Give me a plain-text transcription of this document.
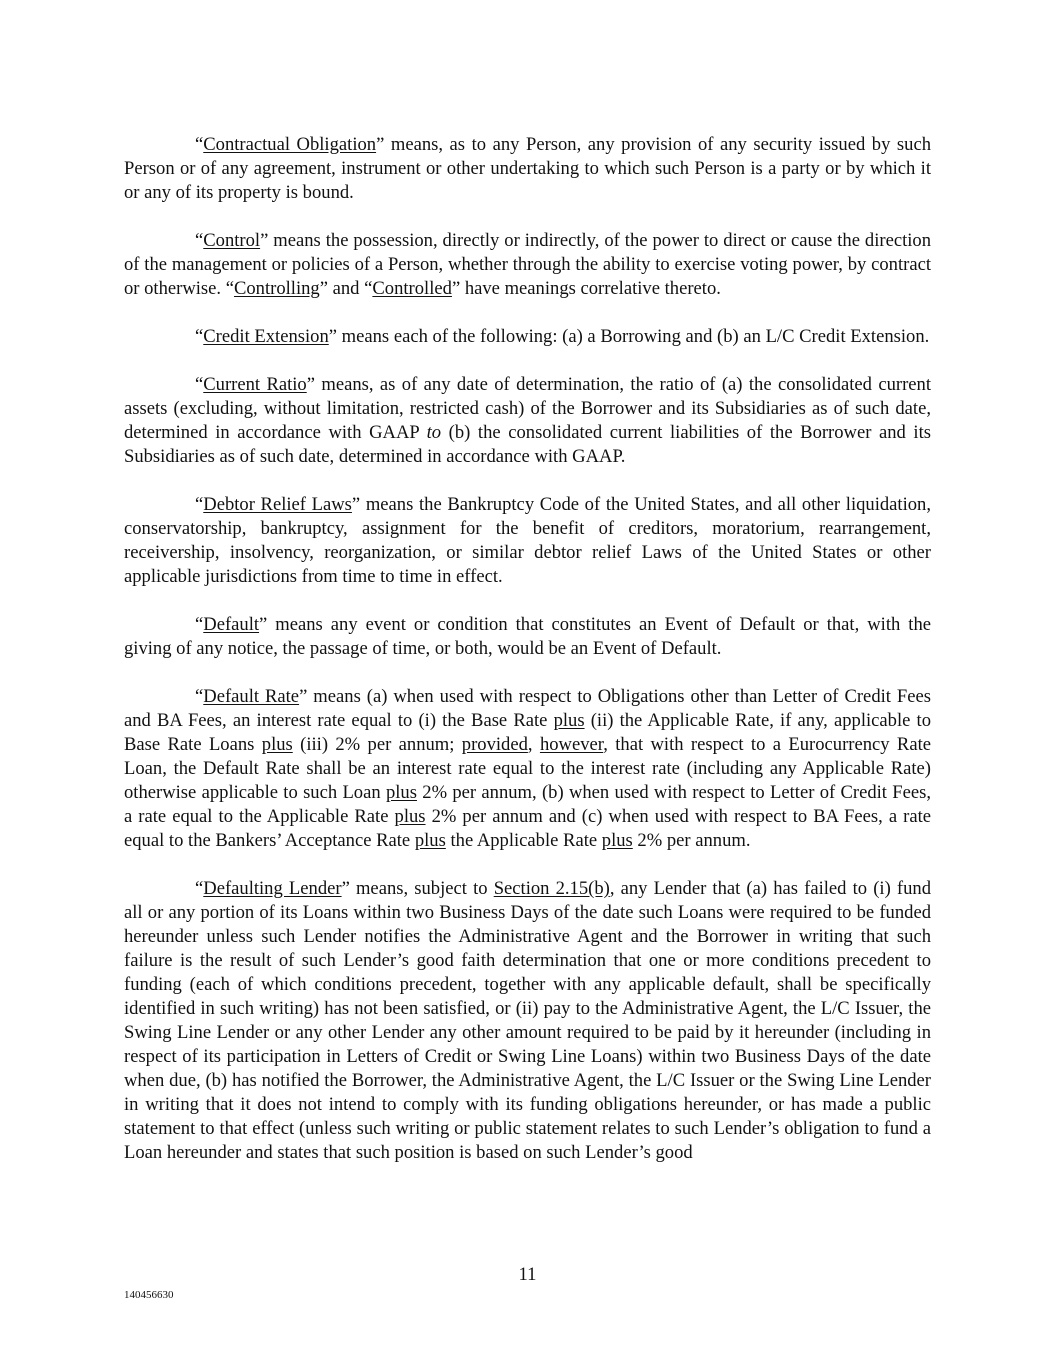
“Contractual Obligation” means, as to any Person, any provision of any security issued by such Person or of any agreement, instrument or other undertaking to which such Person is a party or by which it or any of its property is bound.

“Control” means the possession, directly or indirectly, of the power to direct or cause the direction of the management or policies of a Person, whether through the ability to exercise voting power, by contract or otherwise. “Controlling” and “Controlled” have meanings correlative thereto.

“Credit Extension” means each of the following: (a) a Borrowing and (b) an L/C Credit Extension.

“Current Ratio” means, as of any date of determination, the ratio of (a) the consolidated current assets (excluding, without limitation, restricted cash) of the Borrower and its Subsidiaries as of such date, determined in accordance with GAAP to (b) the consolidated current liabilities of the Borrower and its Subsidiaries as of such date, determined in accordance with GAAP.

“Debtor Relief Laws” means the Bankruptcy Code of the United States, and all other liquidation, conservatorship, bankruptcy, assignment for the benefit of creditors, moratorium, rearrangement, receivership, insolvency, reorganization, or similar debtor relief Laws of the United States or other applicable jurisdictions from time to time in effect.

“Default” means any event or condition that constitutes an Event of Default or that, with the giving of any notice, the passage of time, or both, would be an Event of Default.

“Default Rate” means (a) when used with respect to Obligations other than Letter of Credit Fees and BA Fees, an interest rate equal to (i) the Base Rate plus (ii) the Applicable Rate, if any, applicable to Base Rate Loans plus (iii) 2% per annum; provided, however, that with respect to a Eurocurrency Rate Loan, the Default Rate shall be an interest rate equal to the interest rate (including any Applicable Rate) otherwise applicable to such Loan plus 2% per annum, (b) when used with respect to Letter of Credit Fees, a rate equal to the Applicable Rate plus 2% per annum and (c) when used with respect to BA Fees, a rate equal to the Bankers’ Acceptance Rate plus the Applicable Rate plus 2% per annum.

“Defaulting Lender” means, subject to Section 2.15(b), any Lender that (a) has failed to (i) fund all or any portion of its Loans within two Business Days of the date such Loans were required to be funded hereunder unless such Lender notifies the Administrative Agent and the Borrower in writing that such failure is the result of such Lender’s good faith determination that one or more conditions precedent to funding (each of which conditions precedent, together with any applicable default, shall be specifically identified in such writing) has not been satisfied, or (ii) pay to the Administrative Agent, the L/C Issuer, the Swing Line Lender or any other Lender any other amount required to be paid by it hereunder (including in respect of its participation in Letters of Credit or Swing Line Loans) within two Business Days of the date when due, (b) has notified the Borrower, the Administrative Agent, the L/C Issuer or the Swing Line Lender in writing that it does not intend to comply with its funding obligations hereunder, or has made a public statement to that effect (unless such writing or public statement relates to such Lender’s obligation to fund a Loan hereunder and states that such position is based on such Lender’s good

11
140456630
